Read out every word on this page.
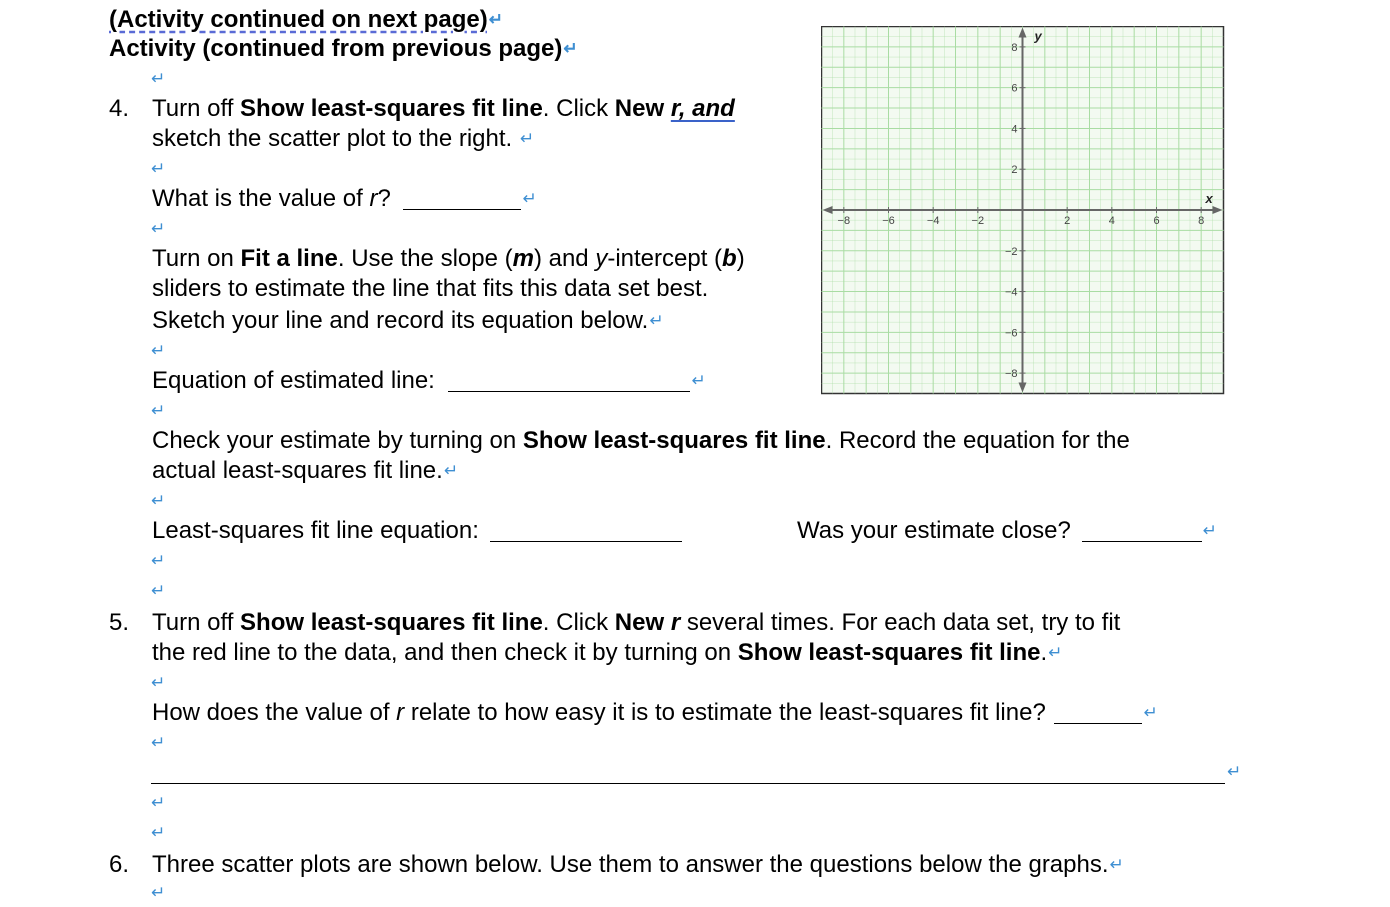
(Activity continued on next page)↵
Activity (continued from previous page)↵
↵
4. Turn off Show least-squares fit line. Click New r, and
sketch the scatter plot to the right. ↵
↵
What is the value of r?	↵
↵
Turn on Fit a line. Use the slope (m) and y-intercept (b)
sliders to estimate the line that fits this data set best.
Sketch your line and record its equation below.↵
↵
Equation of estimated line:	↵
↵
Check your estimate by turning on Show least-squares fit line. Record the equation for the
actual least-squares fit line.↵
↵
Least-squares fit line equation:	Was your estimate close?	↵
↵
↵
5. Turn off Show least-squares fit line. Click New r several times. For each data set, try to fit
the red line to the data, and then check it by turning on Show least-squares fit line.↵
↵
How does the value of r relate to how easy it is to estimate the least-squares fit line?	↵
↵
↵
↵
↵
6. Three scatter plots are shown below. Use them to answer the questions below the graphs.↵
↵
−8	−6	−4	−2	2	4	6	8
8
6
4
2
−2
−4
−6
−8
x
y
